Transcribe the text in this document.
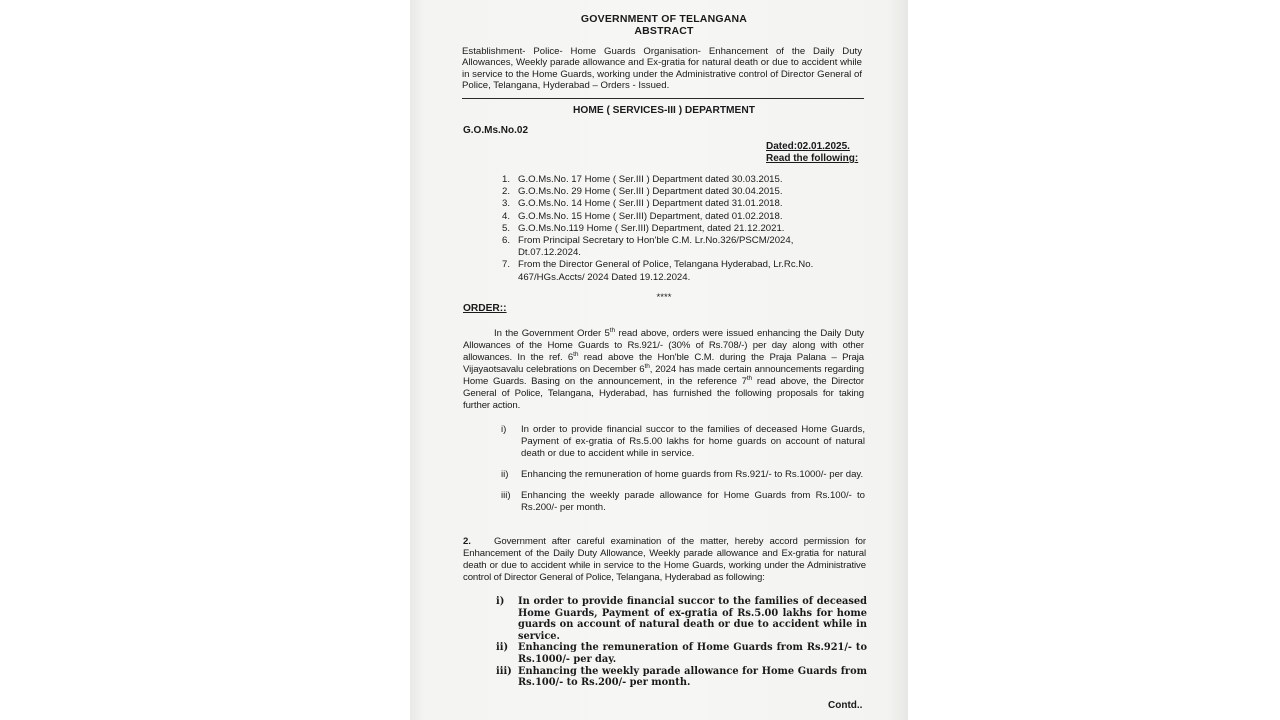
GOVERNMENT OF TELANGANA
ABSTRACT
Establishment- Police- Home Guards Organisation- Enhancement of the Daily Duty Allowances, Weekly parade allowance and Ex-gratia for natural death or due to accident while in service to the Home Guards, working under the Administrative control of Director General of Police, Telangana, Hyderabad – Orders - Issued.
HOME ( SERVICES-III ) DEPARTMENT
G.O.Ms.No.02
Dated:02.01.2025.
Read the following:
1. G.O.Ms.No. 17 Home ( Ser.III ) Department dated 30.03.2015.
2. G.O.Ms.No. 29 Home ( Ser.III ) Department dated 30.04.2015.
3. G.O.Ms.No. 14 Home ( Ser.III ) Department dated 31.01.2018.
4. G.O.Ms.No. 15 Home ( Ser.III) Department, dated 01.02.2018.
5. G.O.Ms.No.119 Home ( Ser.III) Department, dated 21.12.2021.
6. From Principal Secretary to Hon'ble C.M. Lr.No.326/PSCM/2024, Dt.07.12.2024.
7. From the Director General of Police, Telangana Hyderabad, Lr.Rc.No. 467/HGs.Accts/ 2024 Dated 19.12.2024.
****
ORDER::
In the Government Order 5th read above, orders were issued enhancing the Daily Duty Allowances of the Home Guards to Rs.921/- (30% of Rs.708/-) per day along with other allowances. In the ref. 6th read above the Hon'ble C.M. during the Praja Palana – Praja Vijayaotsavalu celebrations on December 6th, 2024 has made certain announcements regarding Home Guards. Basing on the announcement, in the reference 7th read above, the Director General of Police, Telangana, Hyderabad, has furnished the following proposals for taking further action.
i)	In order to provide financial succor to the families of deceased Home Guards, Payment of ex-gratia of Rs.5.00 lakhs for home guards on account of natural death or due to accident while in service.
ii)	Enhancing the remuneration of home guards from Rs.921/- to Rs.1000/- per day.
iii)	Enhancing the weekly parade allowance for Home Guards from Rs.100/- to Rs.200/- per month.
2. Government after careful examination of the matter, hereby accord permission for Enhancement of the Daily Duty Allowance, Weekly parade allowance and Ex-gratia for natural death or due to accident while in service to the Home Guards, working under the Administrative control of Director General of Police, Telangana, Hyderabad as following:
i)	In order to provide financial succor to the families of deceased Home Guards, Payment of ex-gratia of Rs.5.00 lakhs for home guards on account of natural death or due to accident while in service.
ii)	Enhancing the remuneration of Home Guards from Rs.921/- to Rs.1000/- per day.
iii) Enhancing the weekly parade allowance for Home Guards from Rs.100/- to Rs.200/- per month.
Contd..
